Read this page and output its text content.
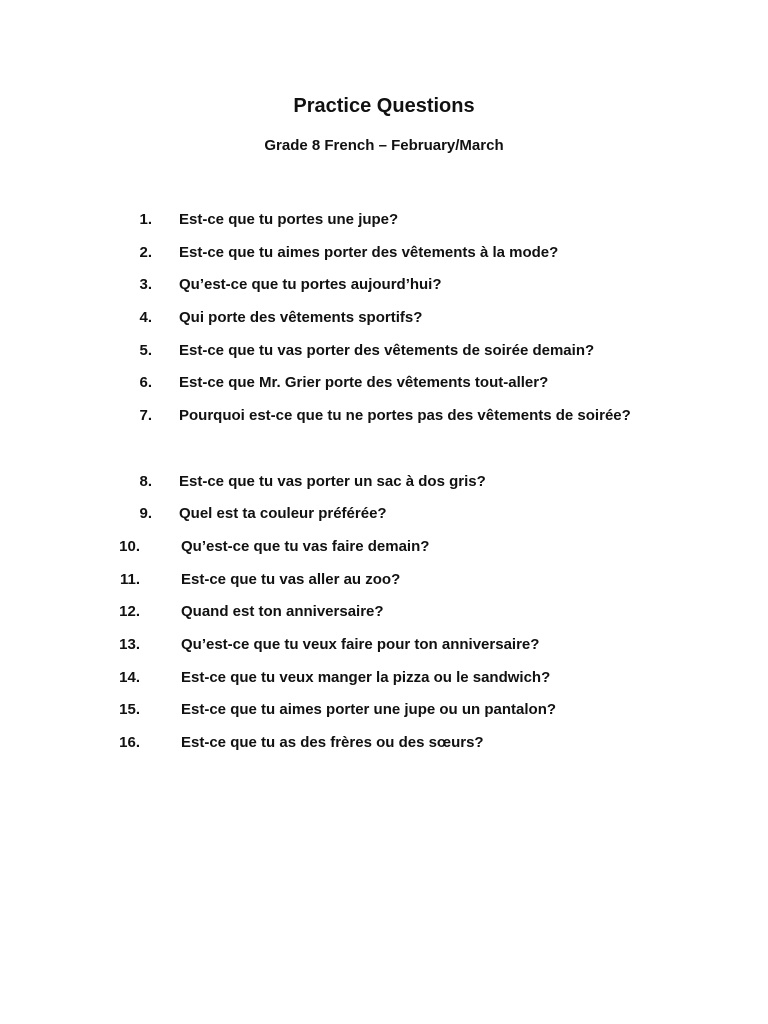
Practice Questions
Grade 8 French – February/March
1. Est-ce que tu portes une jupe?
2. Est-ce que tu aimes porter des vêtements à la mode?
3. Qu’est-ce que tu portes aujourd’hui?
4. Qui porte des vêtements sportifs?
5. Est-ce que tu vas porter des vêtements de soirée demain?
6. Est-ce que Mr. Grier porte des vêtements tout-aller?
7. Pourquoi est-ce que tu ne portes pas des vêtements de soirée?
8. Est-ce que tu vas porter un sac à dos gris?
9. Quel est ta couleur préférée?
10.	Qu’est-ce que tu vas faire demain?
11.	Est-ce que tu vas aller au zoo?
12.	Quand est ton anniversaire?
13.	Qu’est-ce que tu veux faire pour ton anniversaire?
14.	Est-ce que tu veux manger la pizza ou le sandwich?
15.	Est-ce que tu aimes porter une jupe ou un pantalon?
16.	Est-ce que tu as des frères ou des sœurs?
